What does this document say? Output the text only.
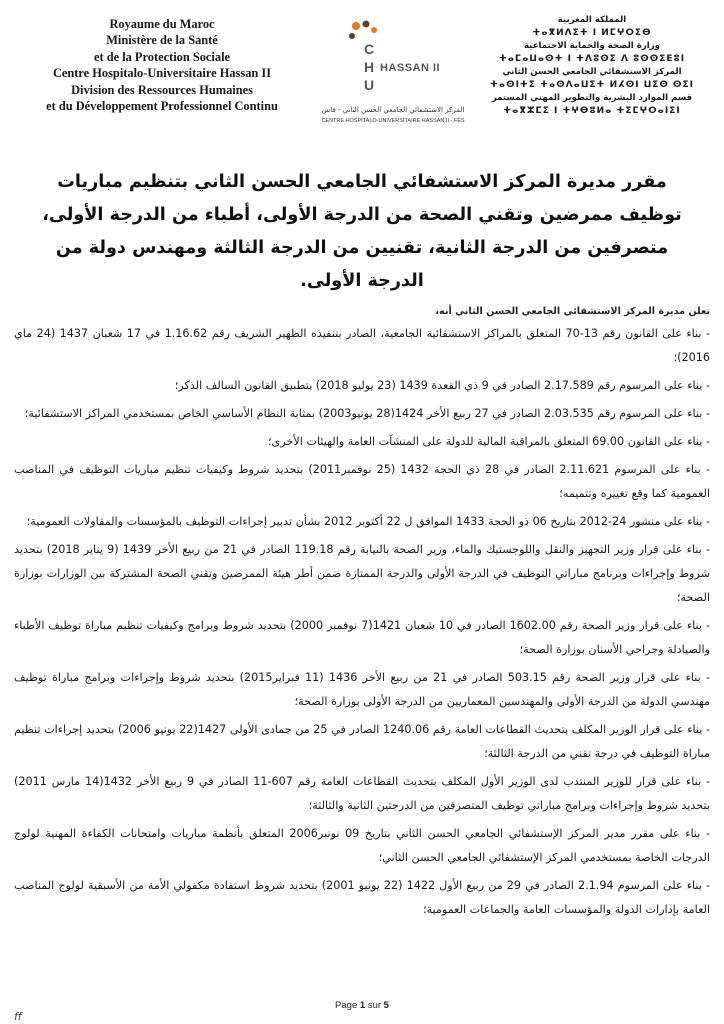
Royaume du Maroc
Ministère de la Santé
et de la Protection Sociale
Centre Hospitalo-Universitaire Hassan II
Division des Ressources Humaines
et du Développement Professionnel Continu
C
H
U
HASSAN II
المركز الاستشفائي الجامعي الحسن الثاني - فاس
CENTRE HOSPITALO-UNIVERSITAIRE HASSAN II - FÈS
المملكة المغربية
ⵜⴰⴳⵍⴷⵉⵜ ⵏ ⵍⵎⵖⵔⵉⴱ
وزارة الصحة والحماية الاجتماعية
ⵜⴰⵎⴰⵡⴰⵙⵜ ⵏ ⵜⴷⵓⵙⵉ ⴷ ⵓⵙⵙⵉⴹⵓⵏ
المركز الاستشفائي الجامعي الحسن الثاني
ⵜⴰⵙⵏⵜⵉ ⵜⴰⵙⴷⴰⵡⵉⵜ ⵍⵃⵙⵏ ⵡⵉⵙ ⵙⵉⵏ
قسم الموارد البشرية والتطوير المهني المستمر
ⵜⴰⴳⵣⵎⵉ ⵏ ⵜⵖⴱⵓⵍⴰ ⵜⵉⵎⵖⵔⴰⵏⵉⵏ
مقرر مديرة المركز الاستشفائي الجامعي الحسن الثاني بتنظيم مباريات توظيف ممرضين وتقني الصحة من الدرجة الأولى، أطباء من الدرجة الأولى، متصرفين من الدرجة الثانية، تقنيين من الدرجة الثالثة ومهندس دولة من الدرجة الأولى.
تعلن مديرة المركز الاستشفائي الجامعي الحسن الثاني أنه،

- بناء على القانون رقم 13-70 المتعلق بالمراكز الاستشفائية الجامعية، الصادر بتنفيذه الظهير الشريف رقم 1.16.62 في 17 شعبان 1437 (24 ماي 2016)؛

- بناء على المرسوم رقم 2.17.589 الصادر في 9 ذي القعدة 1439 (23 يوليو 2018) بتطبيق القانون السالف الذكر؛

- بناء على المرسوم رقم 2.03.535 الصادر في 27 ربيع الأخر 1424(28 يونيو2003) بمثابة النظام الأساسي الخاص بمستخدمي المراكز الاستشفائية؛

- بناء على القانون 69.00 المتعلق بالمراقبة المالية للدولة على المنشآت العامة والهيئات الأخرى؛

- بناء على المرسوم 2.11.621 الصادر في 28 ذي الحجة 1432 (25 نوفمبر2011) بتحديد شروط وكيفيات تنظيم مباريات التوظيف في المناصب العمومية كما وقع تغييره وتتميمه؛

- بناء على منشور 24-2012 بتاريخ 06 ذو الحجة 1433 الموافق ل 22 أكتوبر 2012 بشأن تدبير إجراءات التوظيف بالمؤسسات والمقاولات العمومية؛

- بناء على قرار وزير التجهيز والنقل واللوجستيك والماء، وزير الصحة بالنيابة رقم 119.18 الصادر في 21 من ربيع الأخر 1439 (9 يناير 2018) بتحديد شروط وإجراءات وبرنامج مباراتي التوظيف في الدرجة الأولى والدرجة الممتازة ضمن أطر هيئة الممرضين وتقني الصحة المشتركة بين الوزارات بوزارة الصحة؛

- بناء على قرار وزير الصحة رقم 1602.00 الصادر في 10 شعبان 1421(7 نوفمبر 2000) بتحديد شروط وبرامج وكيفيات تنظيم مباراة توظيف الأطباء والصيادلة وجراحي الأسنان بوزارة الصحة؛

- بناء على قرار وزير الصحة رقم 503.15 الصادر في 21 من ربيع الأخر 1436 (11 فبراير2015) بتحديد شروط وإجراءات وبرامج مباراة توظيف مهندسي الدولة من الدرجة الأولى والمهندسين المعماريين من الدرجة الأولى بوزارة الصحة؛

- بناء على قرار الوزير المكلف بتحديث القطاعات العامة رقم 1240.06 الصادر في 25 من جمادى الأولى 1427(22 يونيو 2006) بتحديد إجراءات تنظيم مباراة التوظيف في درجة تقني من الدرجة الثالثة؛

- بناء على قرار للوزير المنتدب لدى الوزير الأول المكلف بتحديث القطاعات العامة رقم 607-11 الصادر في 9 ربيع الأخر 1432(14 مارس 2011) بتحديد شروط وإجراءات وبرامج مباراتي توظيف المتصرفين من الدرجتين الثانية والثالثة؛

- بناء على مقرر مدير المركز الإستشفائي الجامعي الحسن الثاني بتاريخ 09 نونبر2006 المتعلق بأنظمة مباريات وامتحانات الكفاءة المهنية لولوج الدرجات الخاصة بمستخدمي المركز الإستشفائي الجامعي الحسن الثاني؛

- بناء على المرسوم 2.1.94 الصادر في 29 من ربيع الأول 1422 (22 يونيو 2001) بتحديد شروط استفادة مكفولي الأمة من الأسبقية لولوج المناصب العامة بإدارات الدولة والمؤسسات العامة والجماعات العمومية؛

Page 1 sur 5
ff
